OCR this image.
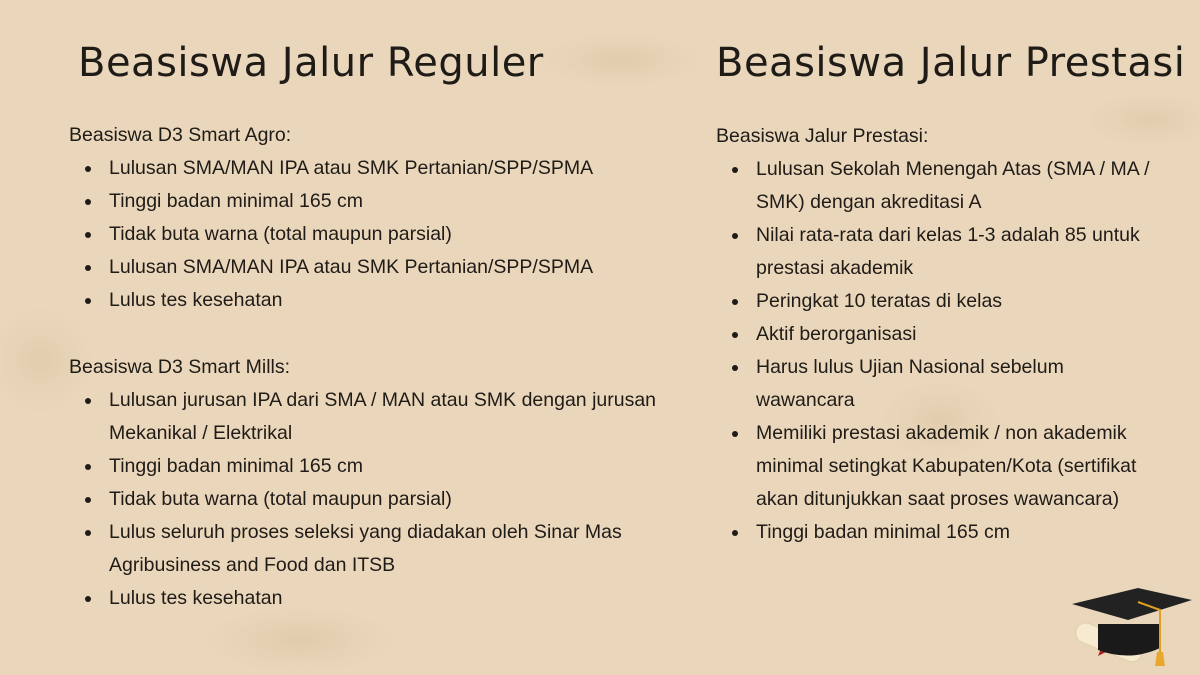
Beasiswa Jalur Reguler	Beasiswa Jalur Prestasi

Beasiswa D3 Smart Agro:

Lulusan SMA/MAN IPA atau SMK Pertanian/SPP/SPMA
Tinggi badan minimal 165 cm
Tidak buta warna (total maupun parsial)
Lulusan SMA/MAN IPA atau SMK Pertanian/SPP/SPMA
Lulus tes kesehatan

Beasiswa D3 Smart Mills:

Lulusan jurusan IPA dari SMA / MAN atau SMK dengan jurusan Mekanikal / Elektrikal
Tinggi badan minimal 165 cm
Tidak buta warna (total maupun parsial)
Lulus seluruh proses seleksi yang diadakan oleh Sinar Mas Agribusiness and Food dan ITSB
Lulus tes kesehatan

Beasiswa Jalur Prestasi:

Lulusan Sekolah Menengah Atas (SMA / MA / SMK) dengan akreditasi A
Nilai rata-rata dari kelas 1-3 adalah 85 untuk prestasi akademik
Peringkat 10 teratas di kelas
Aktif berorganisasi
Harus lulus Ujian Nasional sebelum wawancara
Memiliki prestasi akademik / non akademik minimal setingkat Kabupaten/Kota (sertifikat akan ditunjukkan saat proses wawancara)
Tinggi badan minimal 165 cm
